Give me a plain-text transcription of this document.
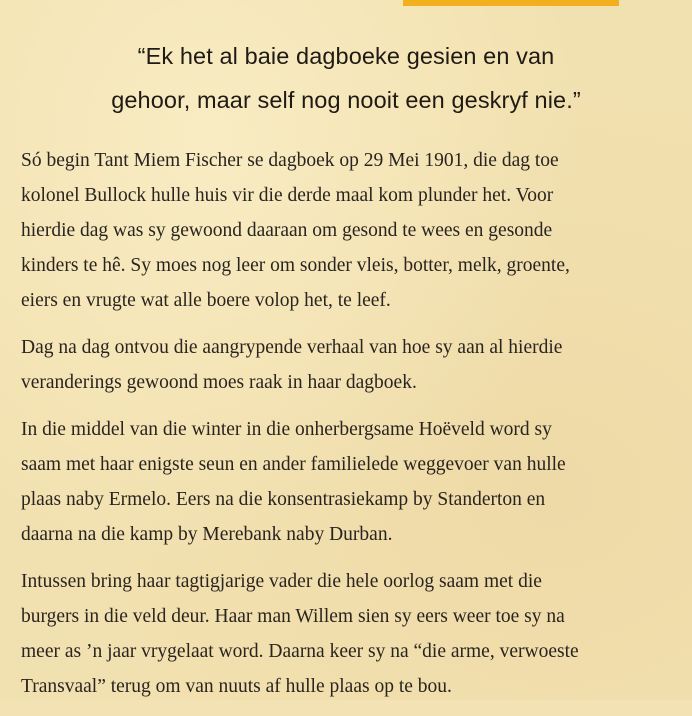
“Ek het al baie dagboeke gesien en van
gehoor, maar self nog nooit een geskryf nie.”

Só begin Tant Miem Fischer se dagboek op 29 Mei 1901, die dag toe
kolonel Bullock hulle huis vir die derde maal kom plunder het. Voor
hierdie dag was sy gewoond daaraan om gesond te wees en gesonde
kinders te hê. Sy moes nog leer om sonder vleis, botter, melk, groente,
eiers en vrugte wat alle boere volop het, te leef.

Dag na dag ontvou die aangrypende verhaal van hoe sy aan al hierdie
veranderings gewoond moes raak in haar dagboek.

In die middel van die winter in die onherbergsame Hoëveld word sy
saam met haar enigste seun en ander familielede weggevoer van hulle
plaas naby Ermelo. Eers na die konsentrasiekamp by Standerton en
daarna na die kamp by Merebank naby Durban.

Intussen bring haar tagtigjarige vader die hele oorlog saam met die
burgers in die veld deur. Haar man Willem sien sy eers weer toe sy na
meer as ’n jaar vrygelaat word. Daarna keer sy na “die arme, verwoeste
Transvaal” terug om van nuuts af hulle plaas op te bou.
